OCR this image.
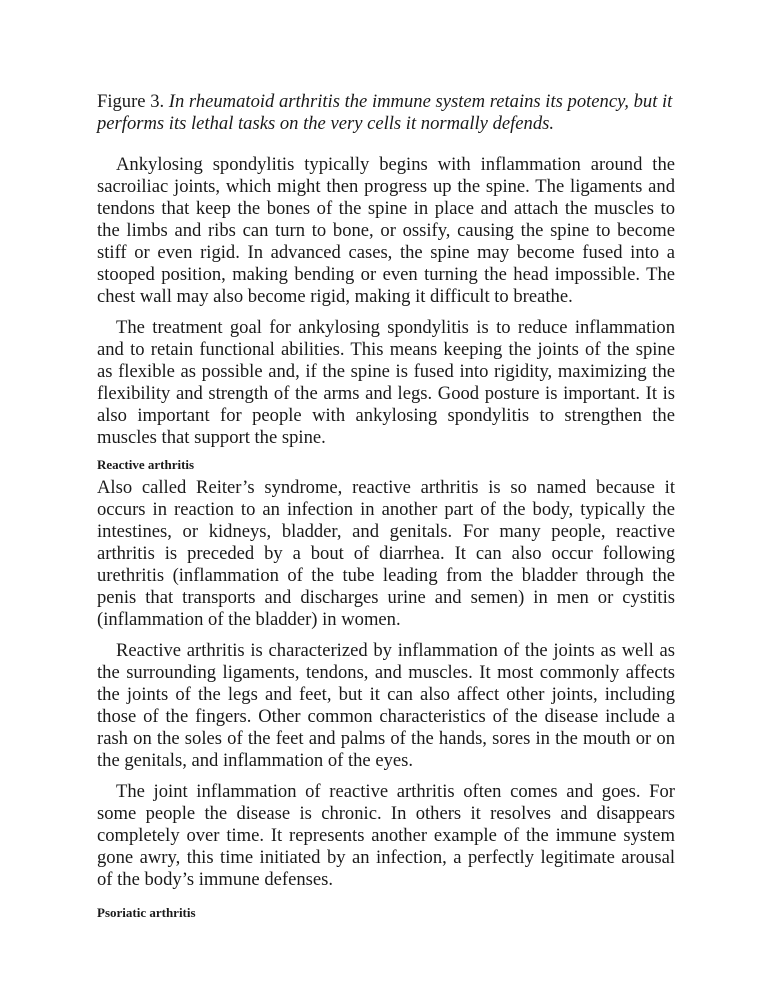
Figure 3. In rheumatoid arthritis the immune system retains its potency, but it performs its lethal tasks on the very cells it normally defends.

Ankylosing spondylitis typically begins with inflammation around the sacroiliac joints, which might then progress up the spine. The ligaments and tendons that keep the bones of the spine in place and attach the muscles to the limbs and ribs can turn to bone, or ossify, causing the spine to become stiff or even rigid. In advanced cases, the spine may become fused into a stooped position, making bending or even turning the head impossible. The chest wall may also become rigid, making it difficult to breathe.

The treatment goal for ankylosing spondylitis is to reduce inflammation and to retain functional abilities. This means keeping the joints of the spine as flexible as possible and, if the spine is fused into rigidity, maximizing the flexibility and strength of the arms and legs. Good posture is important. It is also important for people with ankylosing spondylitis to strengthen the muscles that support the spine.

Reactive arthritis

Also called Reiter’s syndrome, reactive arthritis is so named because it occurs in reaction to an infection in another part of the body, typically the intestines, or kidneys, bladder, and genitals. For many people, reactive arthritis is preceded by a bout of diarrhea. It can also occur following urethritis (inflammation of the tube leading from the bladder through the penis that transports and discharges urine and semen) in men or cystitis (inflammation of the bladder) in women.

Reactive arthritis is characterized by inflammation of the joints as well as the surrounding ligaments, tendons, and muscles. It most commonly affects the joints of the legs and feet, but it can also affect other joints, including those of the fingers. Other common characteristics of the disease include a rash on the soles of the feet and palms of the hands, sores in the mouth or on the genitals, and inflammation of the eyes.

The joint inflammation of reactive arthritis often comes and goes. For some people the disease is chronic. In others it resolves and disappears completely over time. It represents another example of the immune system gone awry, this time initiated by an infection, a perfectly legitimate arousal of the body’s immune defenses.

Psoriatic arthritis
